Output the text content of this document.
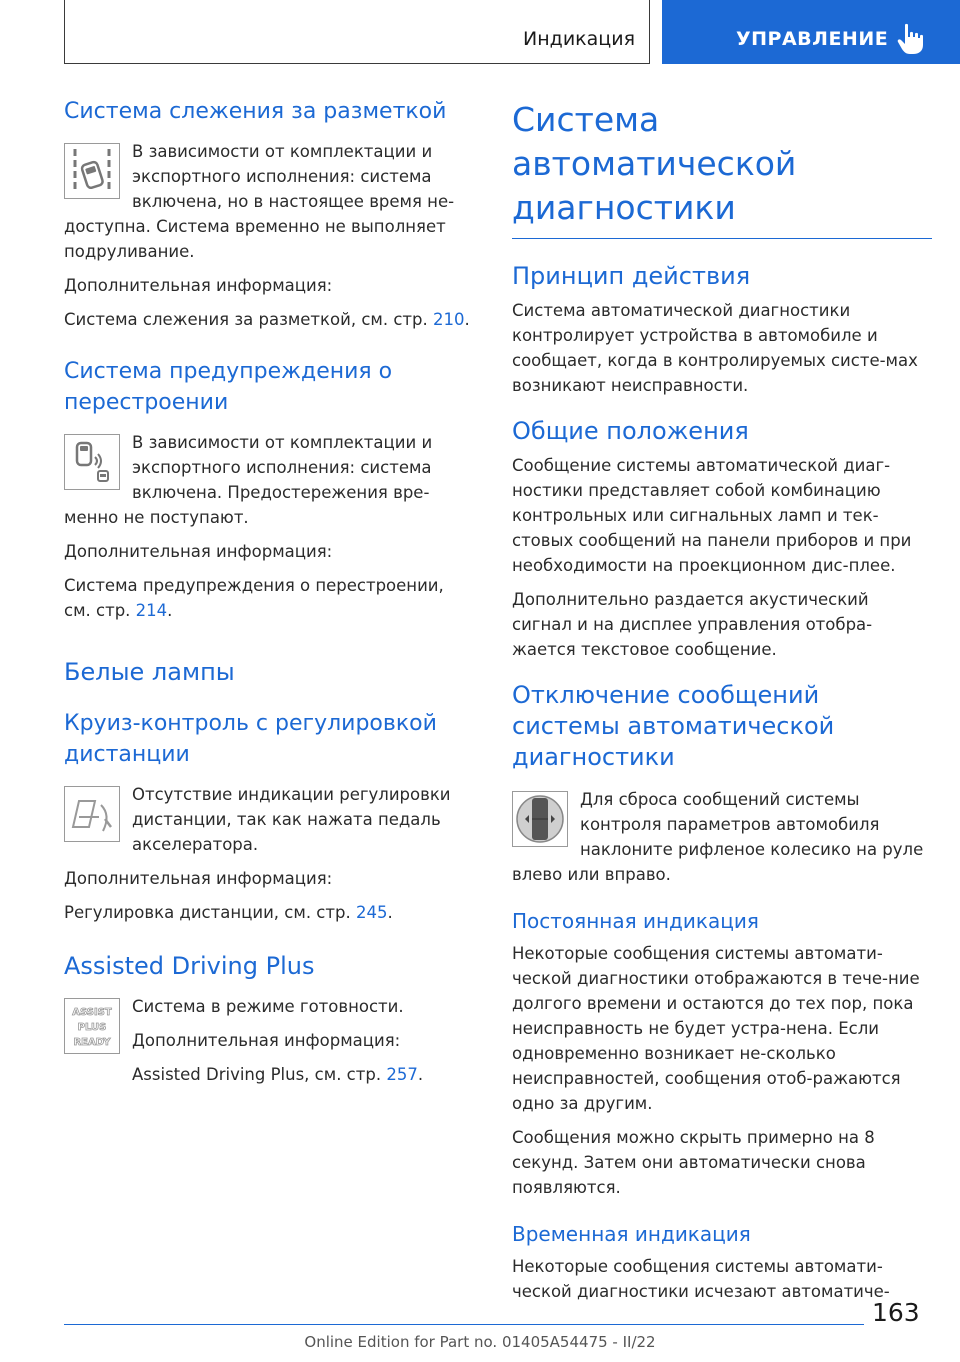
Индикация	УПРАВЛЕНИЕ
Система слежения за разметкой

В зависимости от комплектации и экспортного исполнения: система включена, но в настоящее время не-доступна. Система временно не выполняет подруливание.

Дополнительная информация:

Система слежения за разметкой, см. стр. 210.

Система предупреждения о перестроении

В зависимости от комплектации и экспортного исполнения: система включена. Предостережения вре-менно не поступают.

Дополнительная информация:

Система предупреждения о перестроении, см. стр. 214.

Белые лампы
Круиз-контроль с регулировкой дистанции

Отсутствие индикации регулировки дистанции, так как нажата педаль акселератора.

Дополнительная информация:

Регулировка дистанции, см. стр. 245.

Assisted Driving Plus
ASSIST
PLUS
READY

Система в режиме готовности.

Дополнительная информация:

Assisted Driving Plus, см. стр. 257.

Система автоматической диагностики
Принцип действия

Система автоматической диагностики контролирует устройства в автомобиле и сообщает, когда в контролируемых систе-мах возникают неисправности.

Общие положения

Сообщение системы автоматической диаг-ностики представляет собой комбинацию контрольных или сигнальных ламп и тек-стовых сообщений на панели приборов и при необходимости на проекционном дис-плее.

Дополнительно раздается акустический сигнал и на дисплее управления отобра-жается текстовое сообщение.

Отключение сообщений системы автоматической диагностики

Для сброса сообщений системы контроля параметров автомобиля наклоните рифленое колесико на руле влево или вправо.

Постоянная индикация

Некоторые сообщения системы автомати-ческой диагностики отображаются в тече-ние долгого времени и остаются до тех пор, пока неисправность не будет устра-нена. Если одновременно возникает не-сколько неисправностей, сообщения отоб-ражаются одно за другим.

Сообщения можно скрыть примерно на 8 секунд. Затем они автоматически снова появляются.

Временная индикация

Некоторые сообщения системы автомати-ческой диагностики исчезают автоматиче-

163
Online Edition for Part no. 01405A54475 - II/22
